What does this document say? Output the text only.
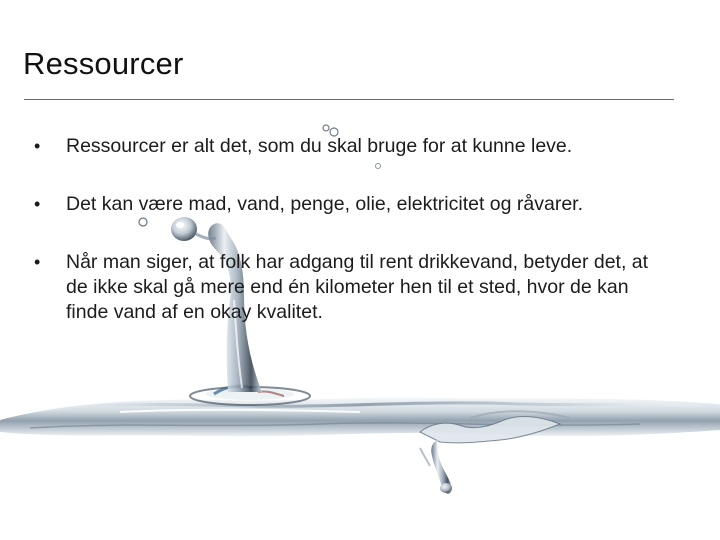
Ressourcer
• Ressourcer er alt det, som du skal bruge for at kunne leve.
• Det kan være mad, vand, penge, olie, elektricitet og råvarer.
• Når man siger, at folk har adgang til rent drikkevand, betyder det, at de ikke skal gå mere end én kilometer hen til et sted, hvor de kan finde vand af en okay kvalitet.
